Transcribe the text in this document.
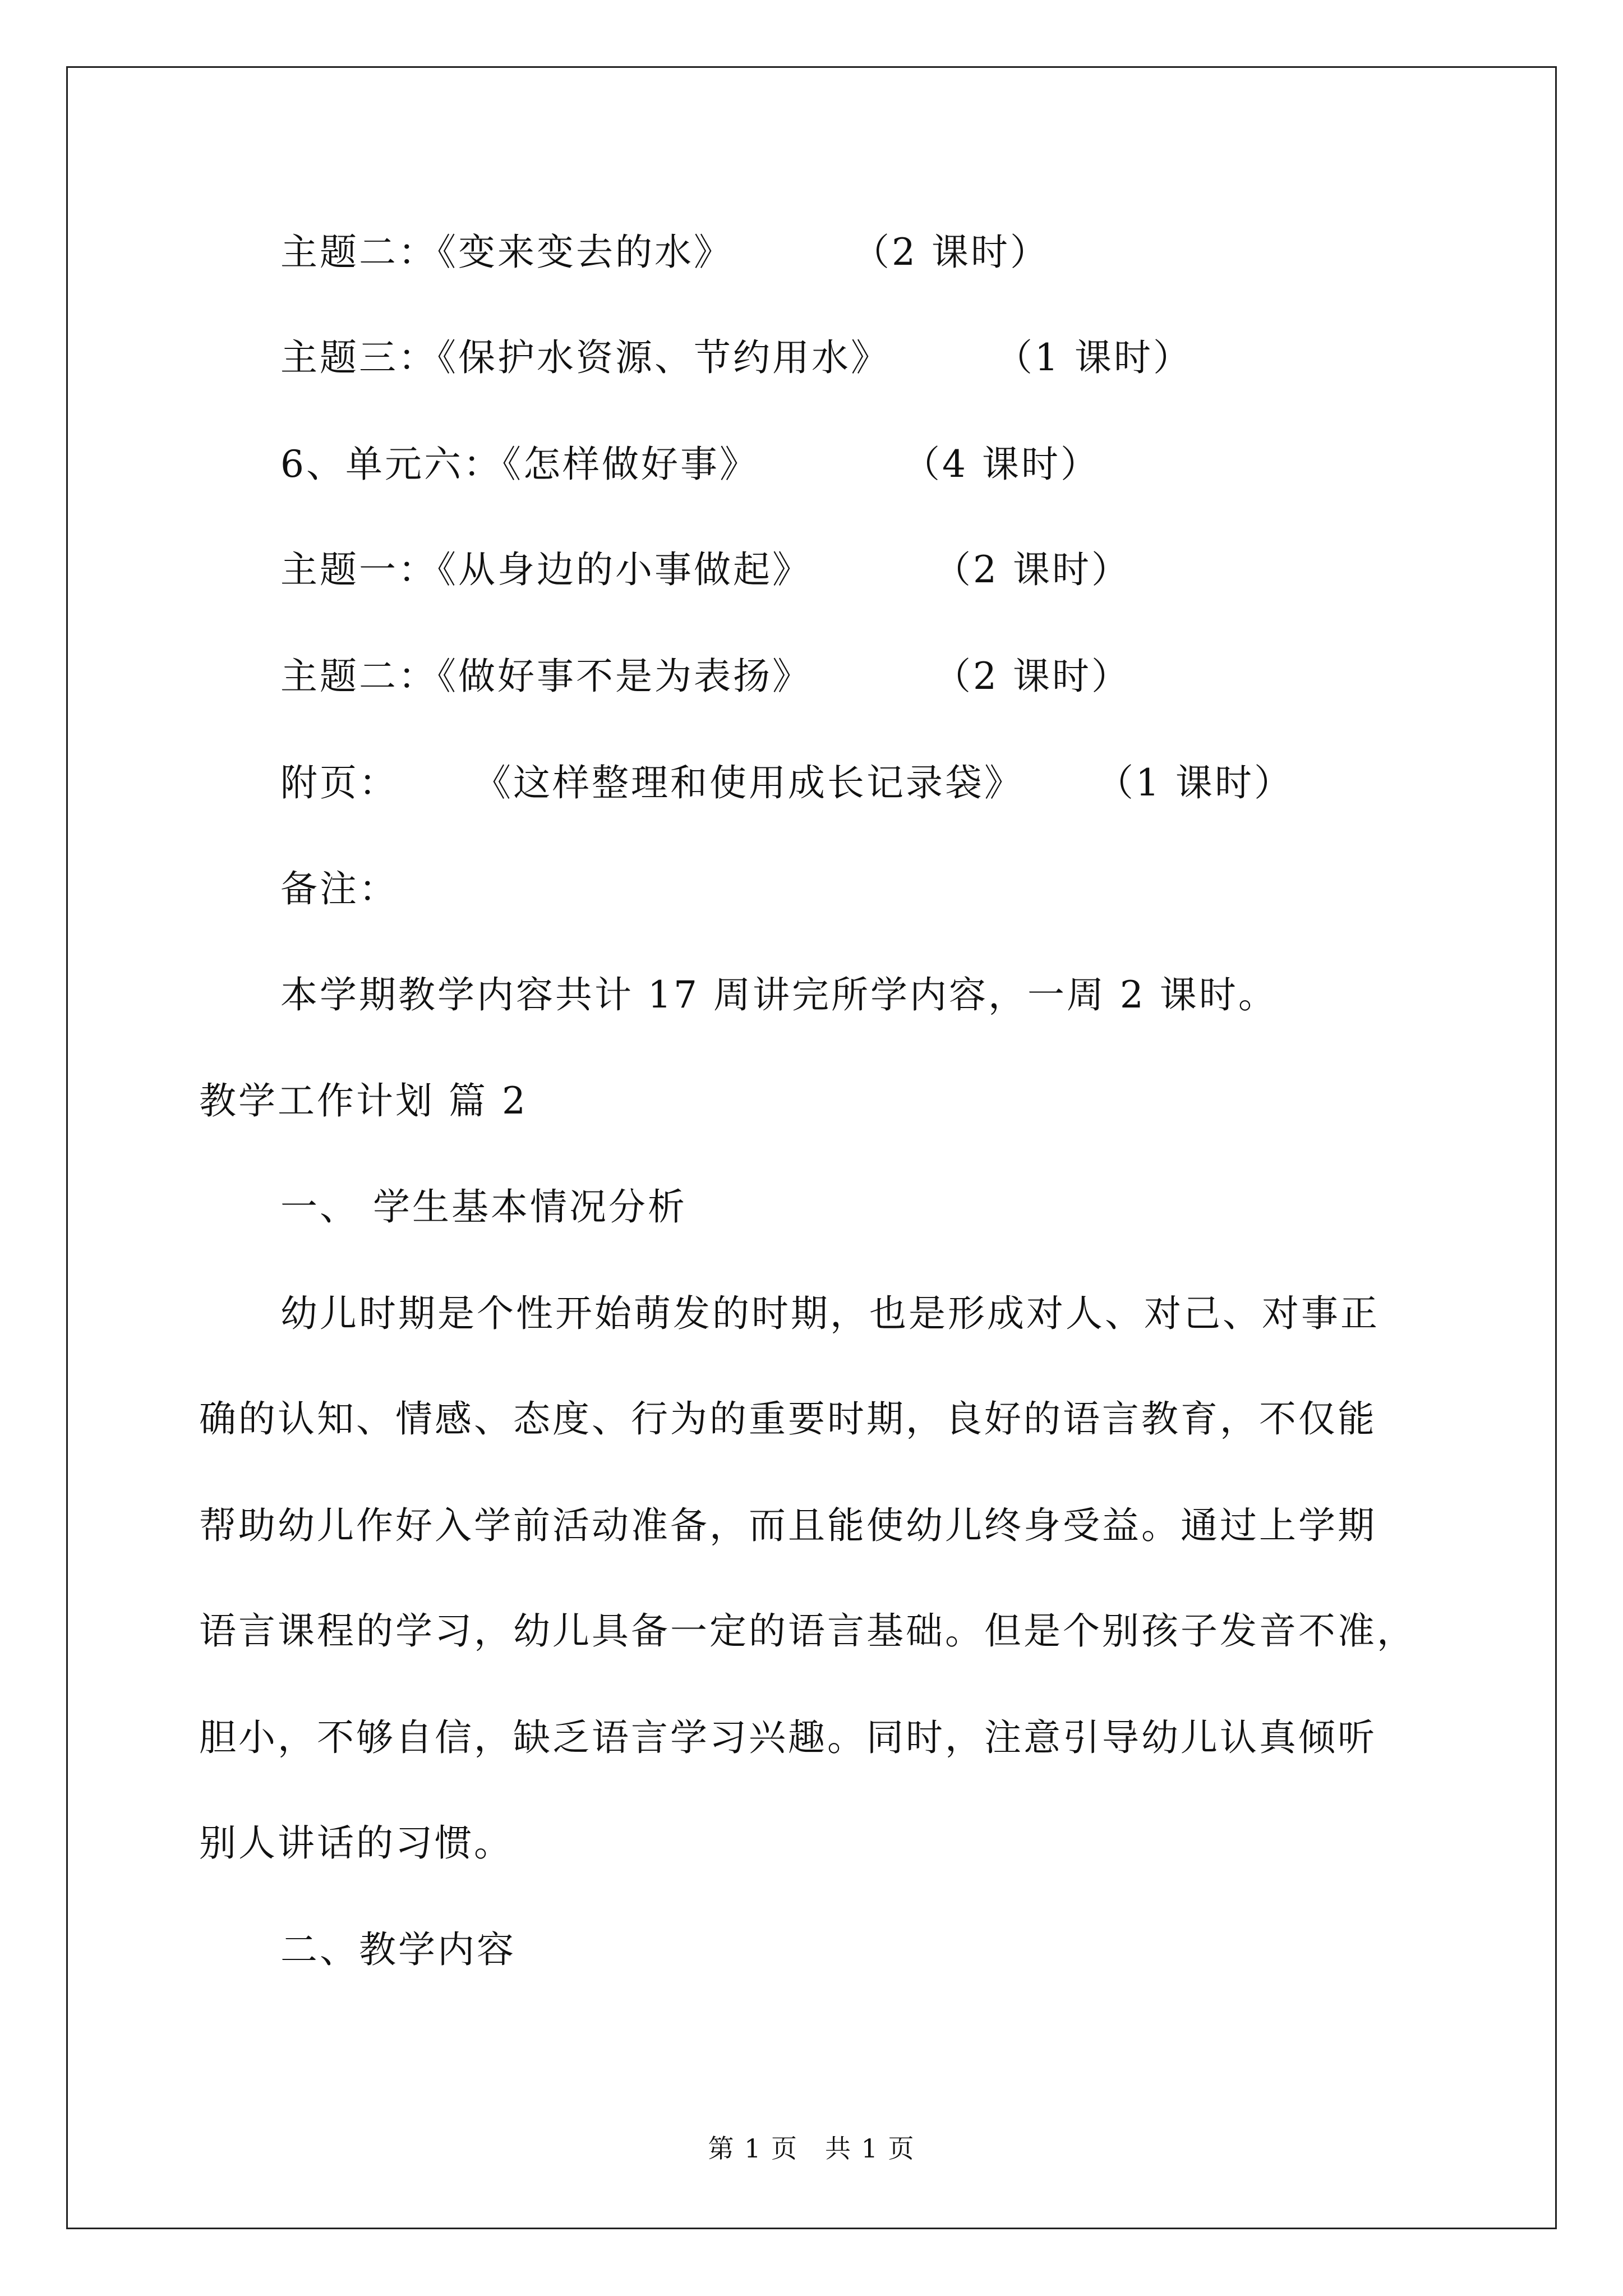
主题二：《变来变去的水》	（2 课时）
主题三：《保护水资源、节约用水》	（1 课时）
6、单元六：《怎样做好事》	（4 课时）
主题一：《从身边的小事做起》	（2 课时）
主题二：《做好事不是为表扬》	（2 课时）
附页： 《这样整理和使用成长记录袋》 （1 课时）
备注：
本学期教学内容共计 17 周讲完所学内容，一周 2 课时。
教学工作计划 篇 2
一、 学生基本情况分析
幼儿时期是个性开始萌发的时期，也是形成对人、对己、对事正
确的认知、情感、态度、行为的重要时期，良好的语言教育，不仅能
帮助幼儿作好入学前活动准备，而且能使幼儿终身受益。通过上学期
语言课程的学习，幼儿具备一定的语言基础。但是个别孩子发音不准，
胆小，不够自信，缺乏语言学习兴趣。同时，注意引导幼儿认真倾听
别人讲话的习惯。
二、教学内容
第 1 页　共 1 页
